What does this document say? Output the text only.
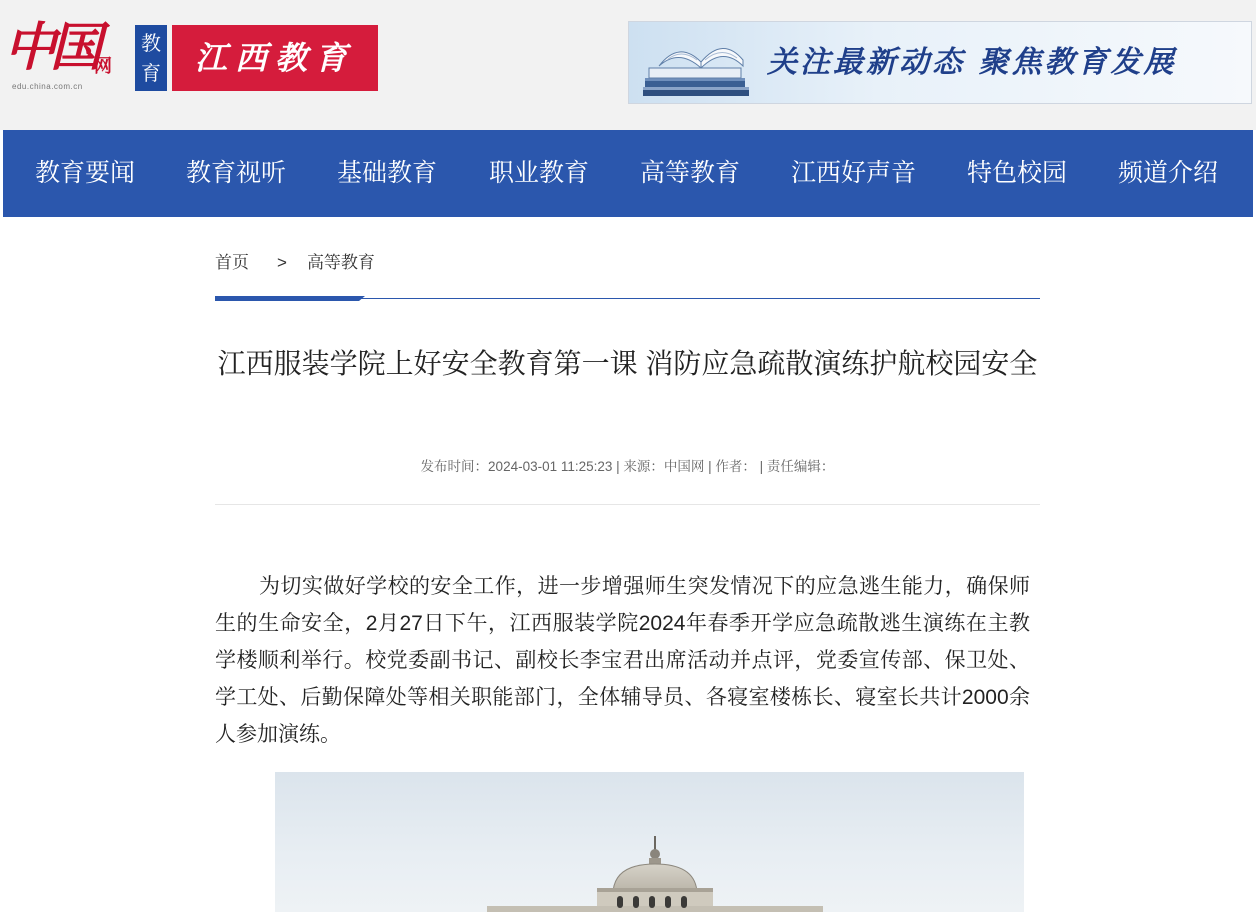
中国
网
edu.china.com.cn
教
育	江西教育	关注最新动态 聚焦教育发展
教育要闻 教育视听 基础教育 职业教育 高等教育 江西好声音 特色校园 频道介绍
首页 > 高等教育
江西服装学院上好安全教育第一课 消防应急疏散演练护航校园安全
发布时间：2024-03-01 11:25:23 | 来源：中国网 | 作者： | 责任编辑：

为切实做好学校的安全工作，进一步增强师生突发情况下的应急逃生能力，确保师生的生命安全，2月27日下午，江西服装学院2024年春季开学应急疏散逃生演练在主教学楼顺利举行。校党委副书记、副校长李宝君出席活动并点评，党委宣传部、保卫处、学工处、后勤保障处等相关职能部门，全体辅导员、各寝室楼栋长、寝室长共计2000余人参加演练。
